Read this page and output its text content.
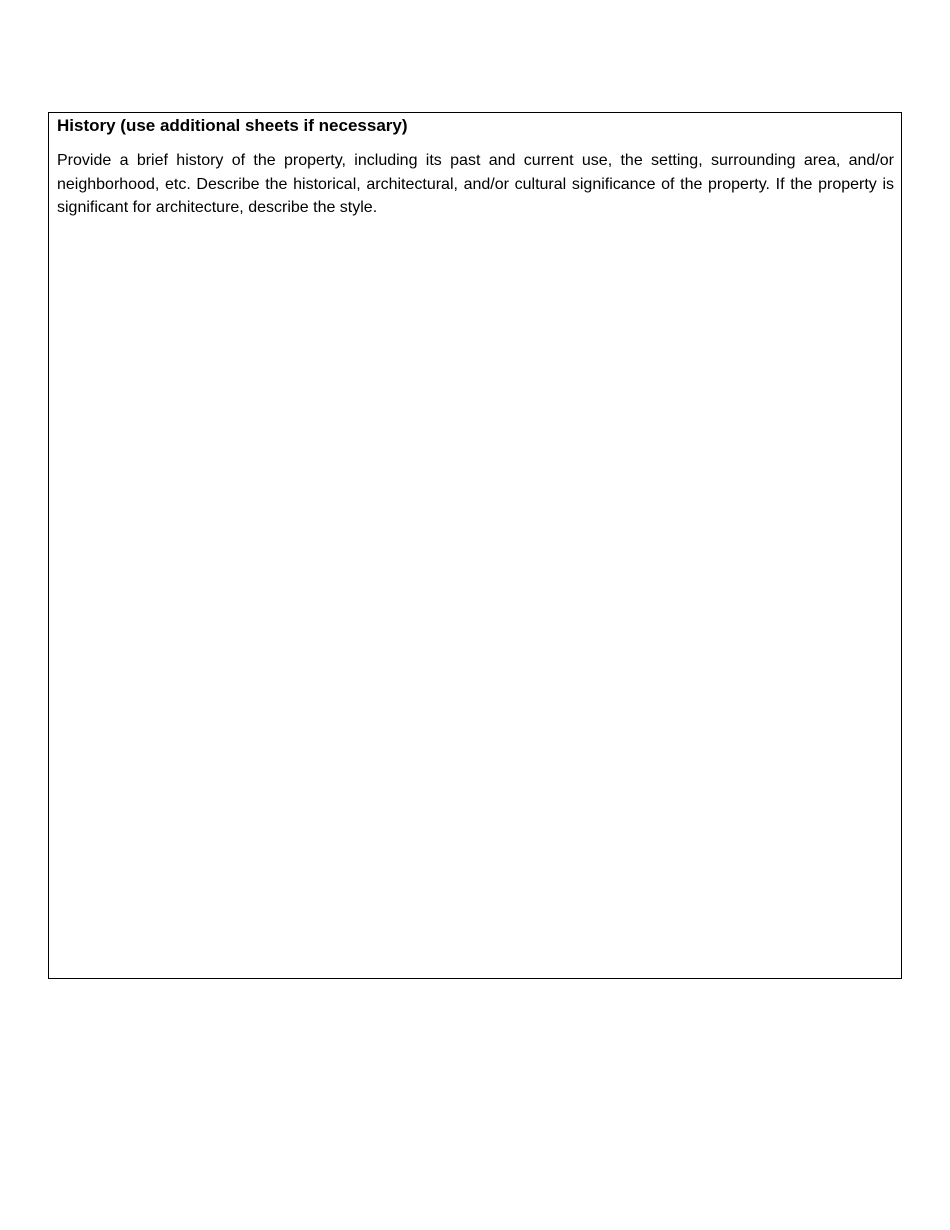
History (use additional sheets if necessary)

Provide a brief history of the property, including its past and current use, the setting, surrounding area, and/or neighborhood, etc. Describe the historical, architectural, and/or cultural significance of the property. If the property is significant for architecture, describe the style.
